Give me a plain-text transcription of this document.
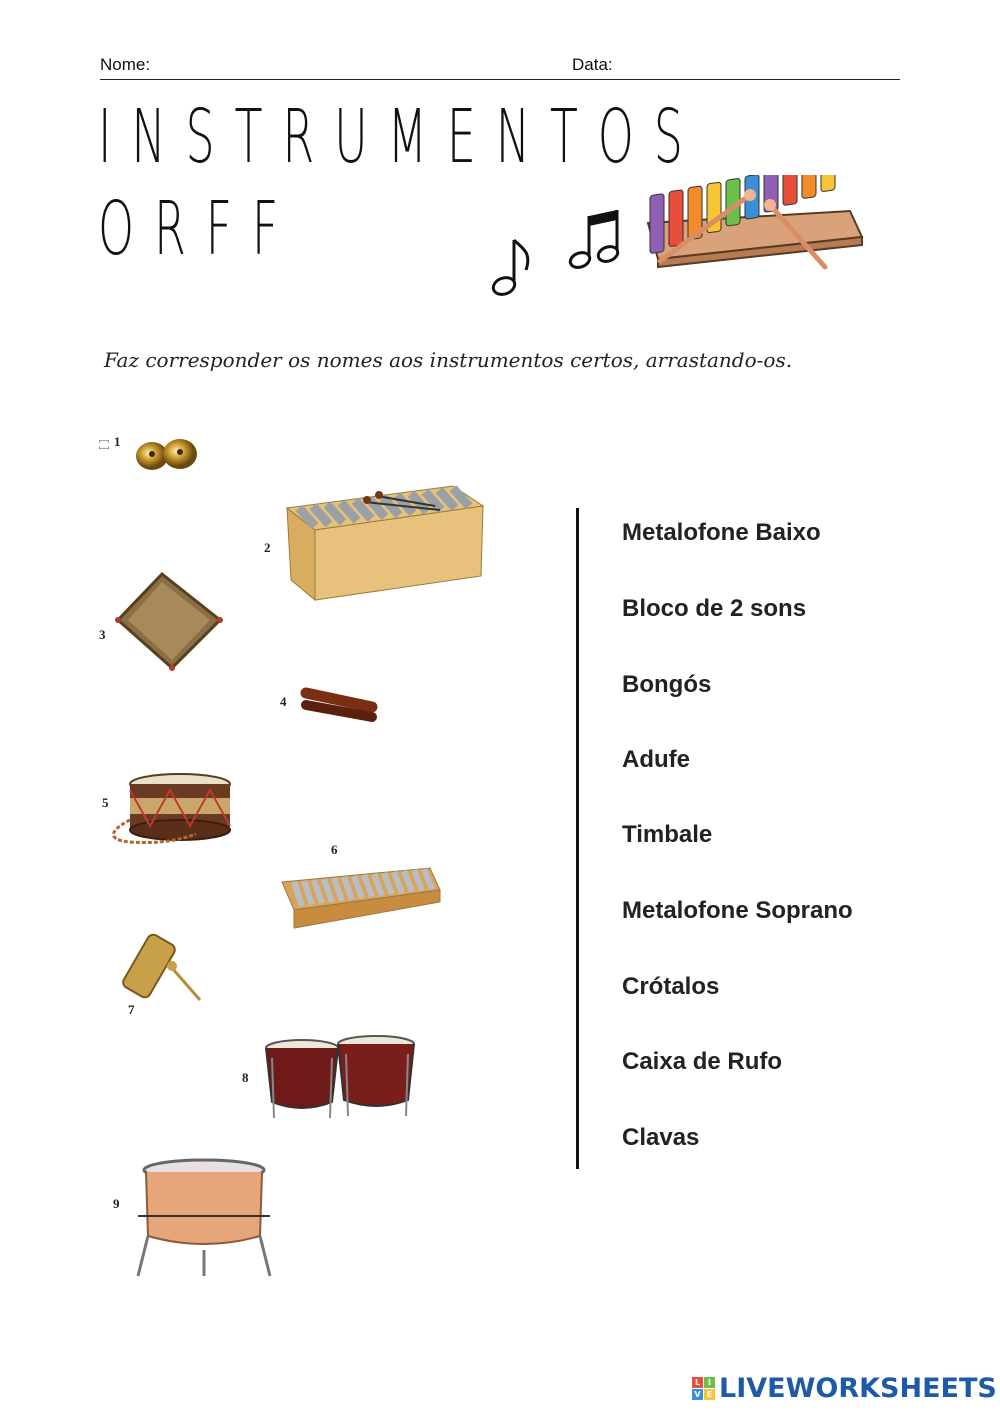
Nome:	Data:
INSTRUMENTOS
ORFF
Faz corresponder os nomes aos instrumentos certos, arrastando-os.
1
2
3
4
5
6
7
8
9
Metalofone Baixo
Bloco de 2 sons
Bongós
Adufe
Timbale
Metalofone Soprano
Crótalos
Caixa de Rufo
Clavas
L I
V E LIVEWORKSHEETS
